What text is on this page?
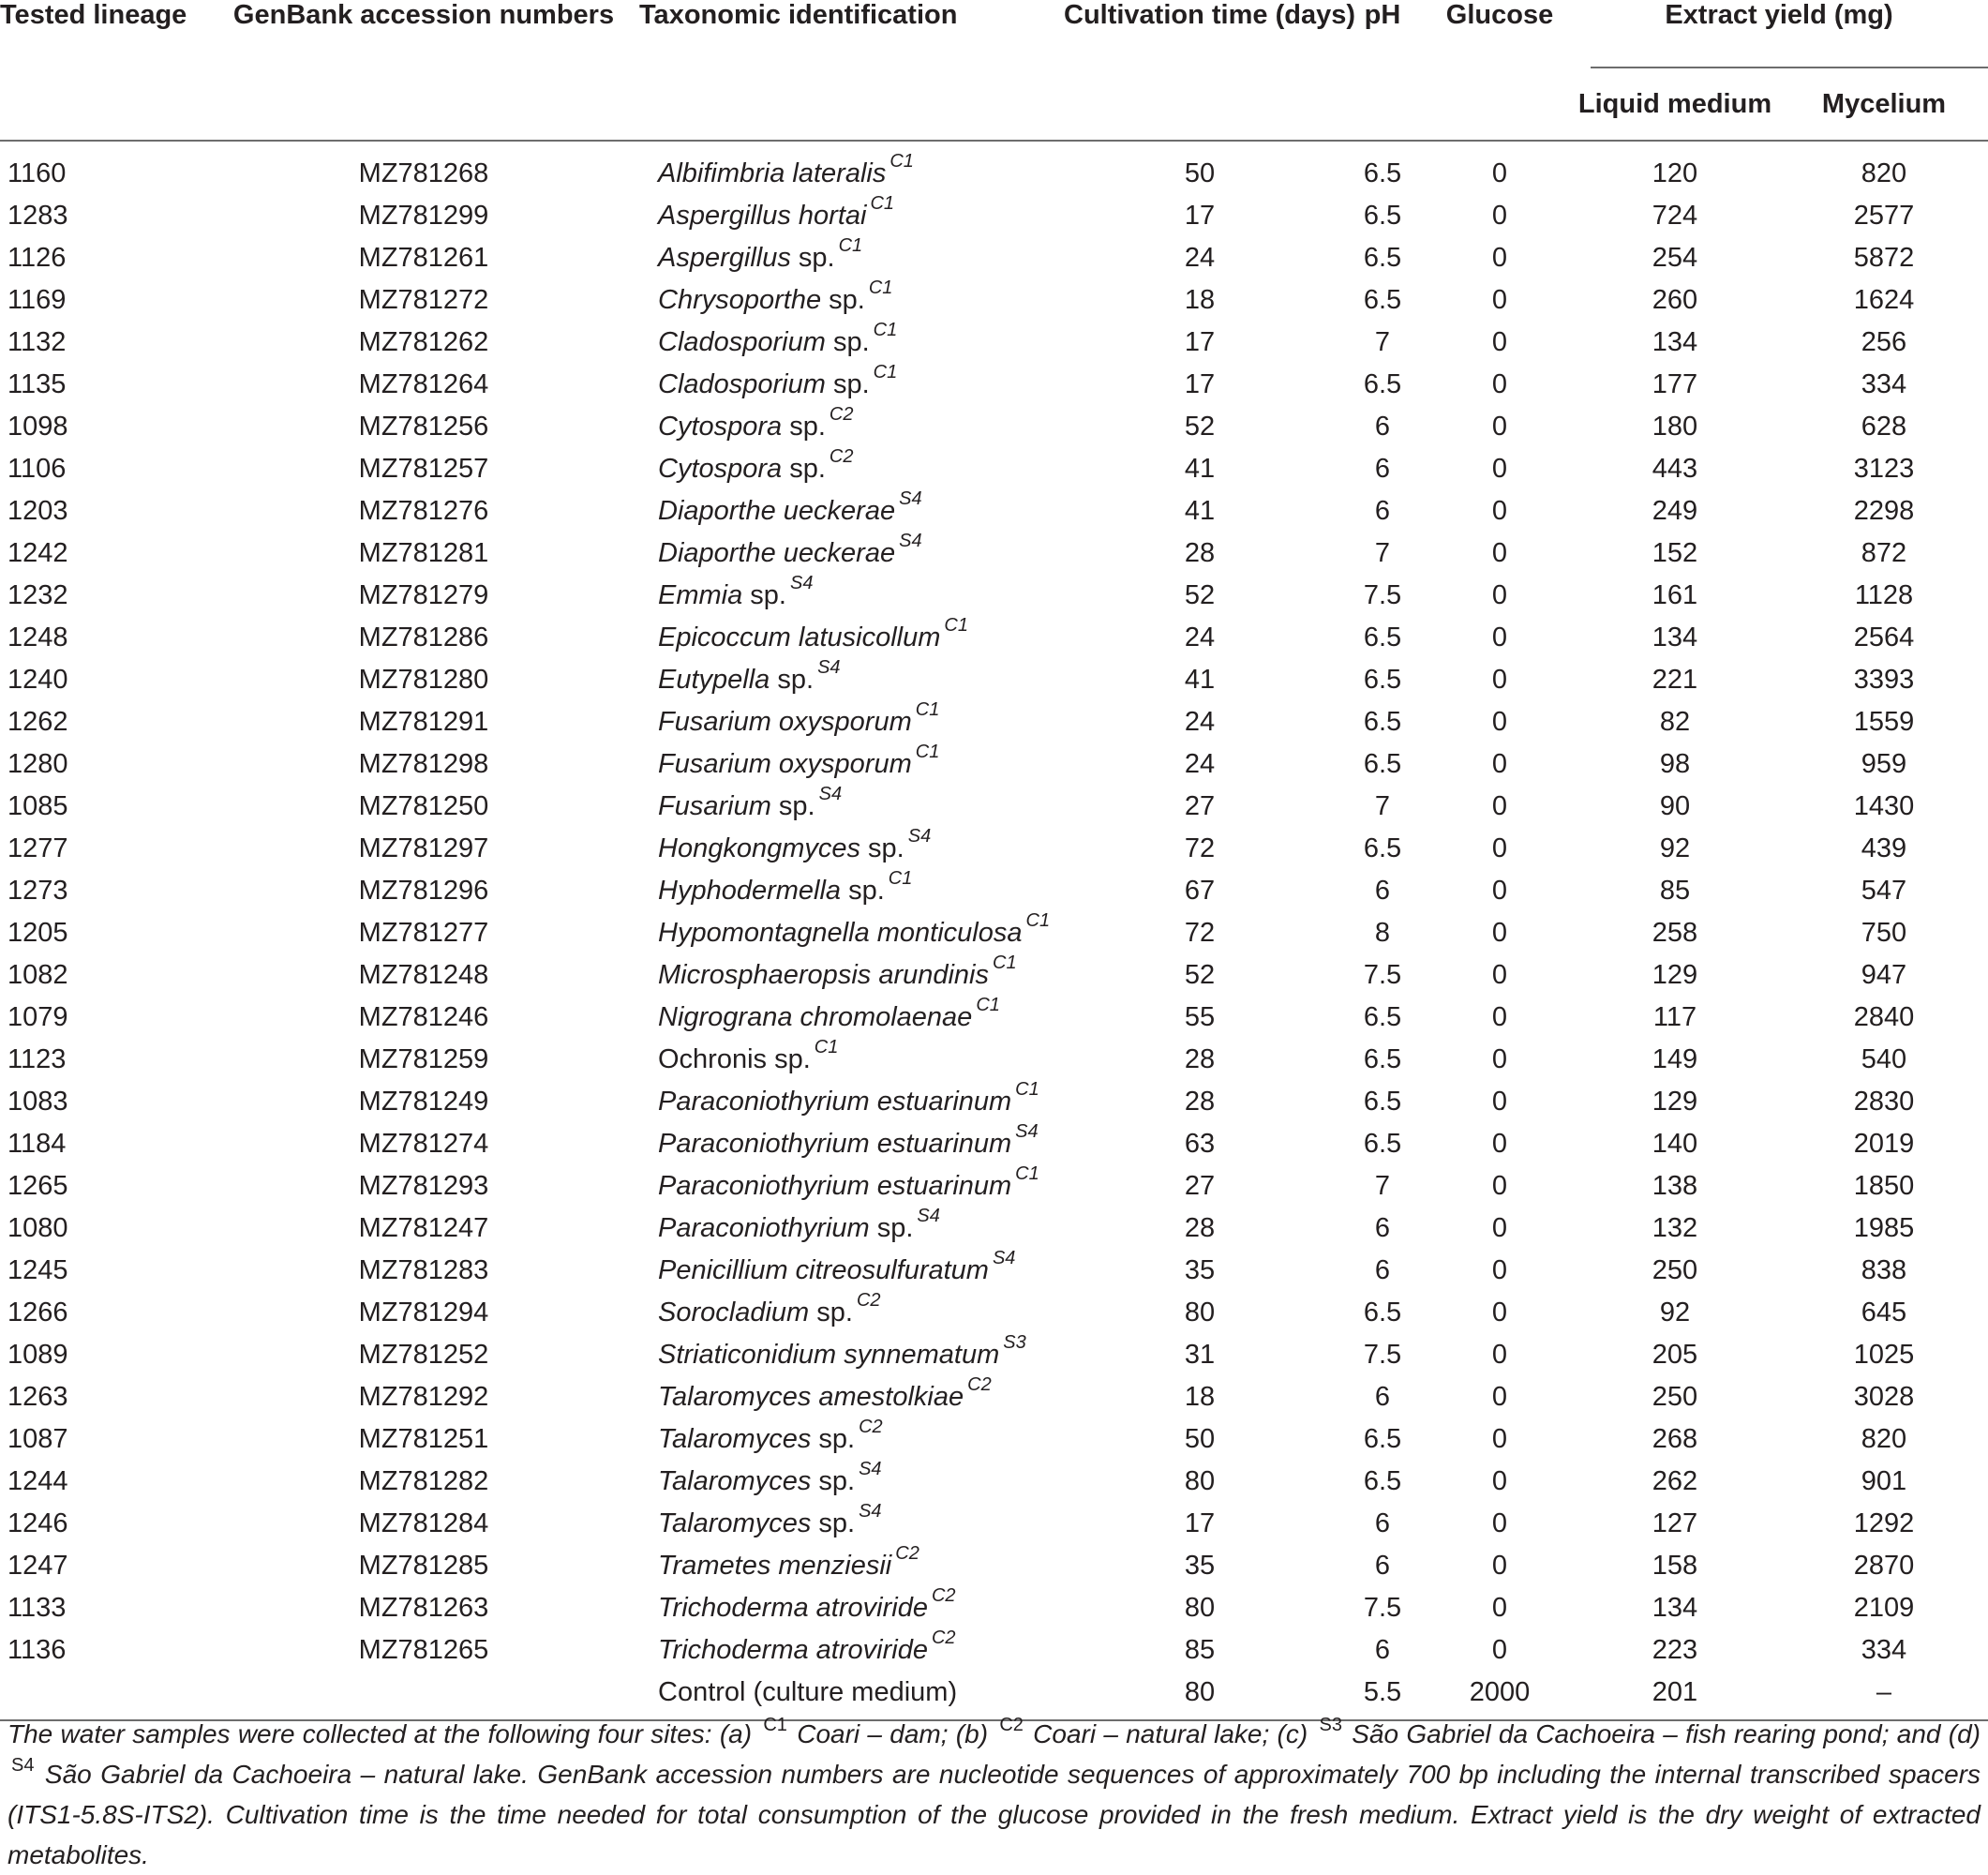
Tested lineage	GenBank accession numbers	Taxonomic identification	Cultivation time (days)	pH	Glucose	Extract yield (mg)	

						Liquid medium	Mycelium
1160	MZ781268	Albifimbria lateralis $^{C1}$	50	6.5	0	120	820
1283	MZ781299	Aspergillus hortai $^{C1}$	17	6.5	0	724	2577
1126	MZ781261	Aspergillus sp. $^{C1}$	24	6.5	0	254	5872
1169	MZ781272	Chrysoporthe sp. $^{C1}$	18	6.5	0	260	1624
1132	MZ781262	Cladosporium sp. $^{C1}$	17	7	0	134	256
1135	MZ781264	Cladosporium sp. $^{C1}$	17	6.5	0	177	334
1098	MZ781256	Cytospora sp. $^{C2}$	52	6	0	180	628
1106	MZ781257	Cytospora sp. $^{C2}$	41	6	0	443	3123
1203	MZ781276	Diaporthe ueckerae $^{S4}$	41	6	0	249	2298
1242	MZ781281	Diaporthe ueckerae $^{S4}$	28	7	0	152	872
1232	MZ781279	Emmia sp. $^{S4}$	52	7.5	0	161	1128
1248	MZ781286	Epicoccum latusicollum $^{C1}$	24	6.5	0	134	2564
1240	MZ781280	Eutypella sp. $^{S4}$	41	6.5	0	221	3393
1262	MZ781291	Fusarium oxysporum $^{C1}$	24	6.5	0	82	1559
1280	MZ781298	Fusarium oxysporum $^{C1}$	24	6.5	0	98	959
1085	MZ781250	Fusarium sp. $^{S4}$	27	7	0	90	1430
1277	MZ781297	Hongkongmyces sp. $^{S4}$	72	6.5	0	92	439
1273	MZ781296	Hyphodermella sp. $^{C1}$	67	6	0	85	547
1205	MZ781277	Hypomontagnella monticulosa $^{C1}$	72	8	0	258	750
1082	MZ781248	Microsphaeropsis arundinis $^{C1}$	52	7.5	0	129	947
1079	MZ781246	Nigrograna chromolaenae $^{C1}$	55	6.5	0	117	2840
1123	MZ781259	Ochronis sp. $^{C1}$	28	6.5	0	149	540
1083	MZ781249	Paraconiothyrium estuarinum $^{C1}$	28	6.5	0	129	2830
1184	MZ781274	Paraconiothyrium estuarinum $^{S4}$	63	6.5	0	140	2019
1265	MZ781293	Paraconiothyrium estuarinum $^{C1}$	27	7	0	138	1850
1080	MZ781247	Paraconiothyrium sp. $^{S4}$	28	6	0	132	1985
1245	MZ781283	Penicillium citreosulfuratum $^{S4}$	35	6	0	250	838
1266	MZ781294	Sorocladium sp. $^{C2}$	80	6.5	0	92	645
1089	MZ781252	Striaticonidium synnematum $^{S3}$	31	7.5	0	205	1025
1263	MZ781292	Talaromyces amestolkiae $^{C2}$	18	6	0	250	3028
1087	MZ781251	Talaromyces sp. $^{C2}$	50	6.5	0	268	820
1244	MZ781282	Talaromyces sp. $^{S4}$	80	6.5	0	262	901
1246	MZ781284	Talaromyces sp. $^{S4}$	17	6	0	127	1292
1247	MZ781285	Trametes menziesii $^{C2}$	35	6	0	158	2870
1133	MZ781263	Trichoderma atroviride $^{C2}$	80	7.5	0	134	2109
1136	MZ781265	Trichoderma atroviride $^{C2}$	85	6	0	223	334
		Control (culture medium)	80	5.5	2000	201	–

The water samples were collected at the following four sites: (a) $^{C1}$ Coari – dam; (b) $^{C2}$ Coari – natural lake; (c) $^{S3}$ São Gabriel da Cachoeira – fish rearing pond; and (d) $^{S4}$ São Gabriel da Cachoeira – natural lake. GenBank accession numbers are nucleotide sequences of approximately 700 bp including the internal transcribed spacers (ITS1-5.8S-ITS2). Cultivation time is the time needed for total consumption of the glucose provided in the fresh medium. Extract yield is the dry weight of extracted metabolites.
